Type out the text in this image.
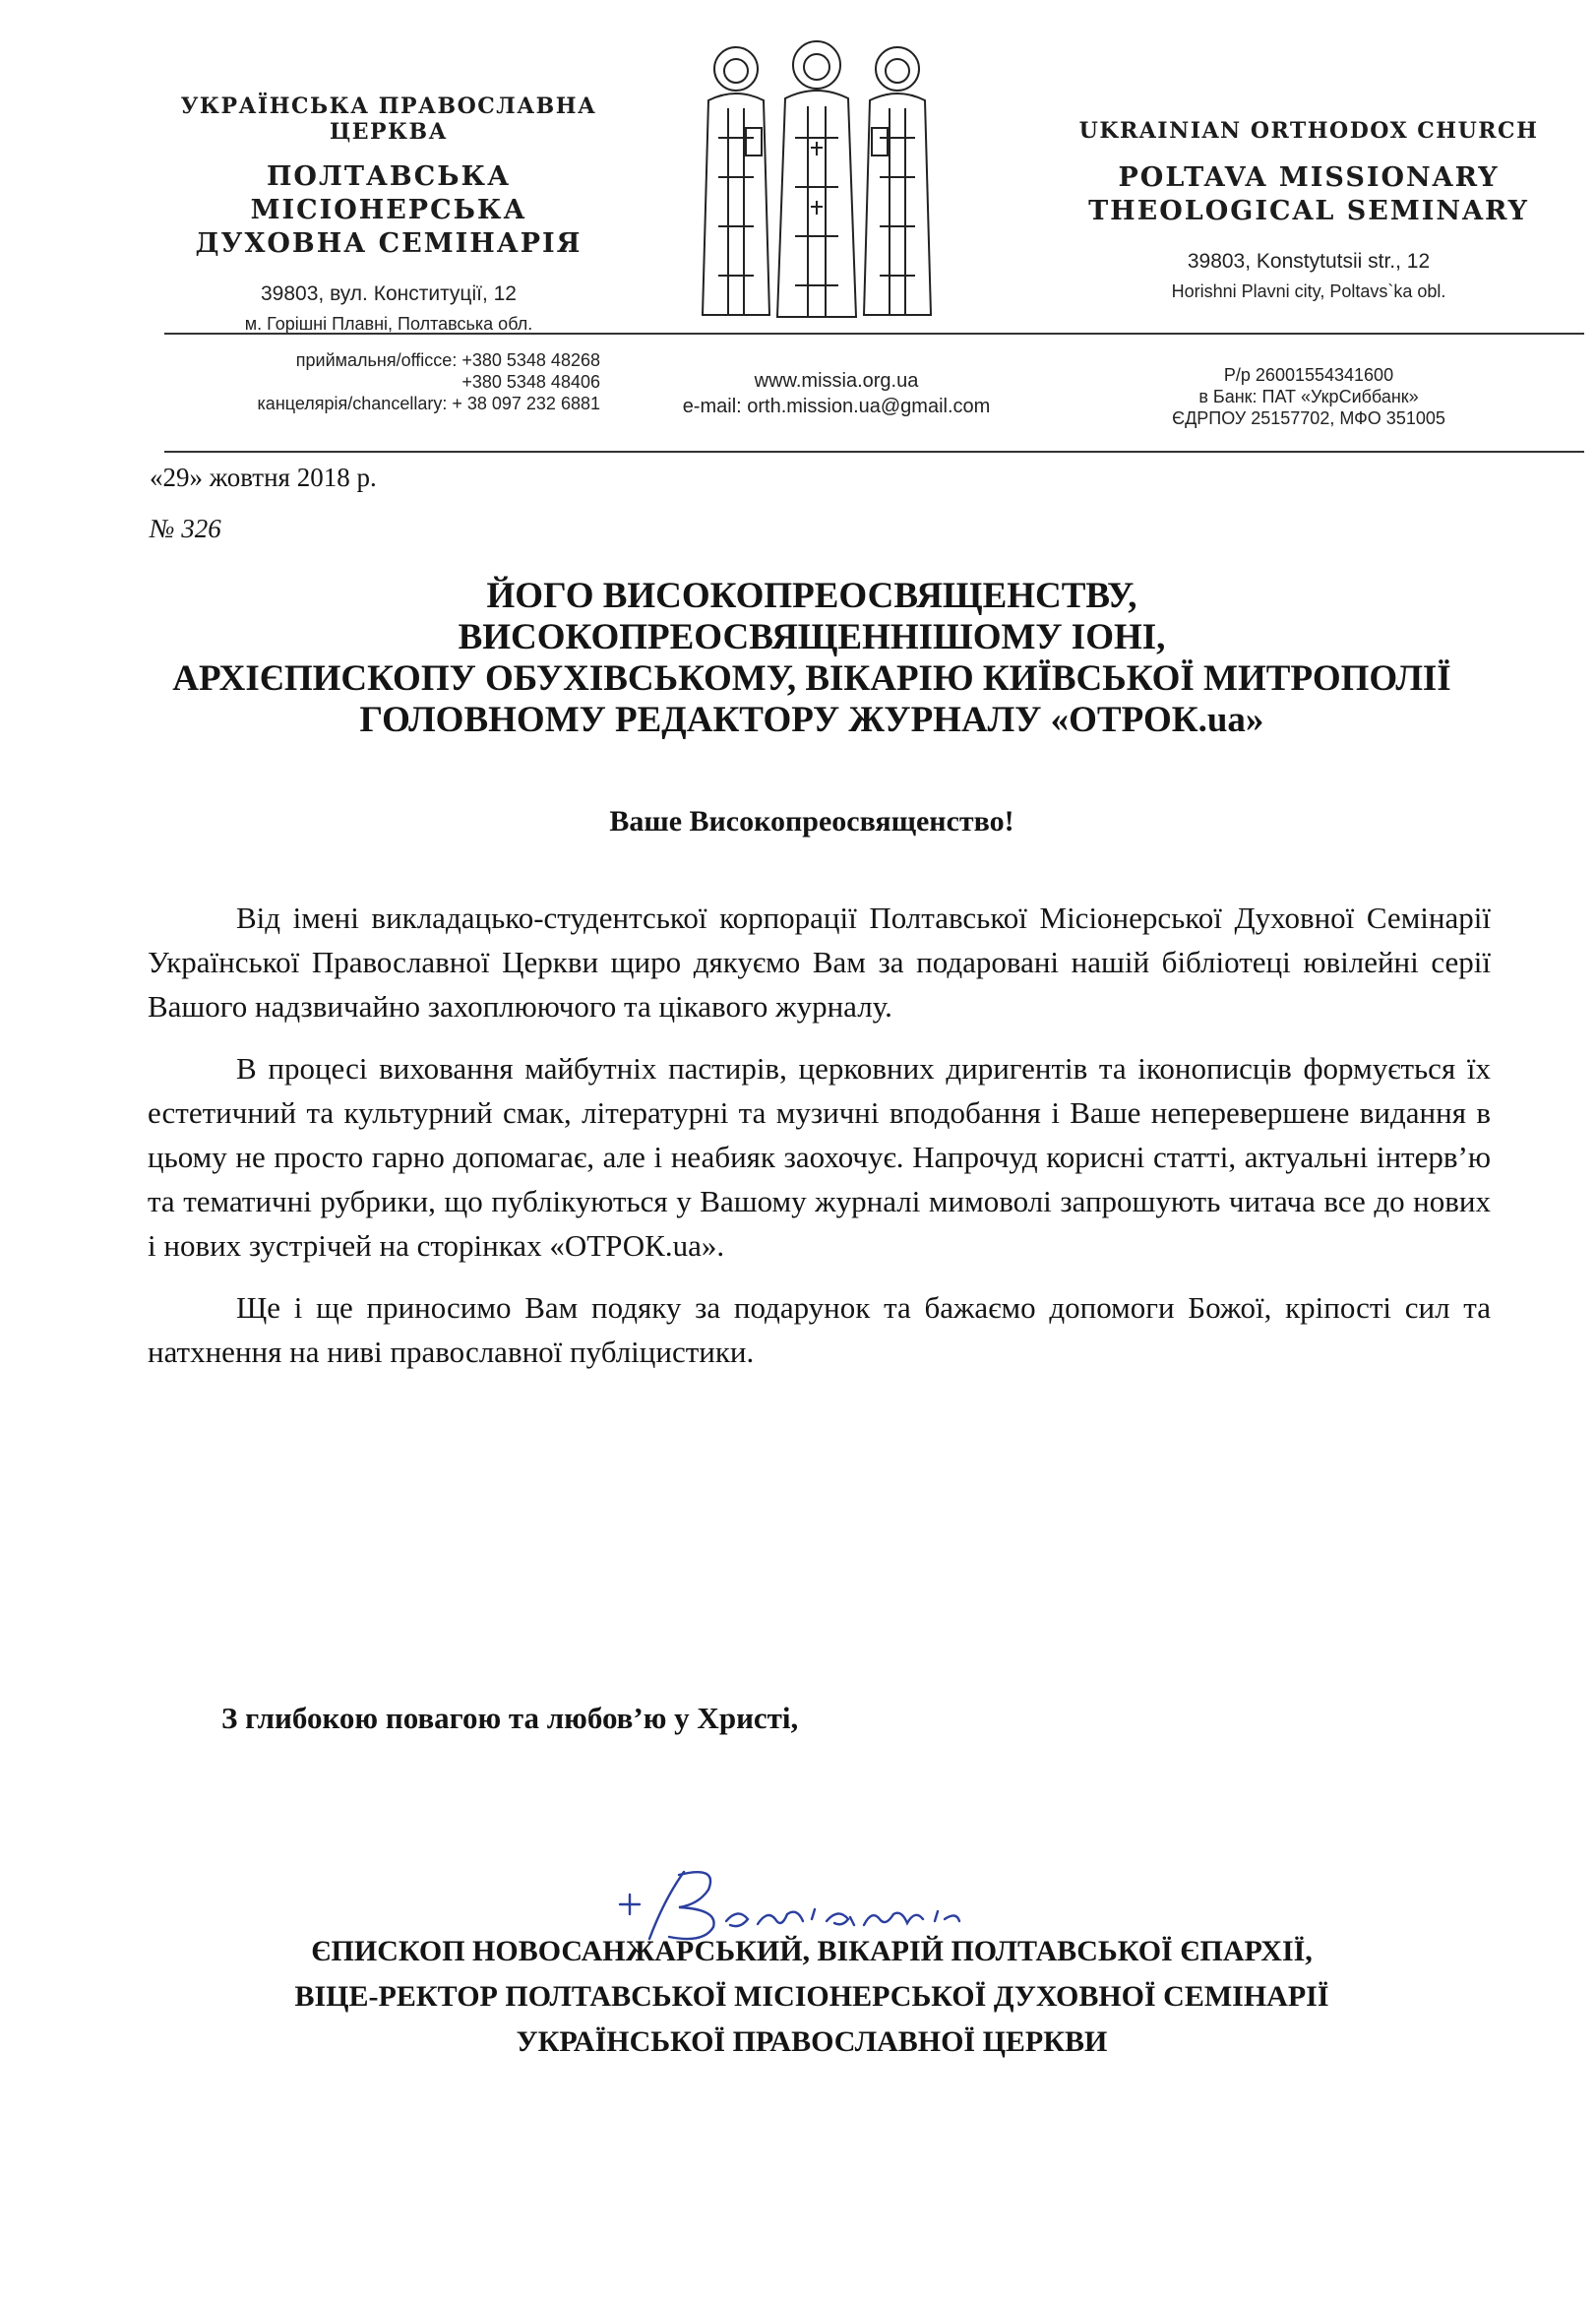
УКРАЇНСЬКА ПРАВОСЛАВНА ЦЕРКВА
ПОЛТАВСЬКА МІСІОНЕРСЬКА
ДУХОВНА СЕМІНАРІЯ
39803, вул. Конституції, 12
м. Горішні Плавні, Полтавська обл.
UKRAINIAN ORTHODOX CHURCH
POLTAVA MISSIONARY
THEOLOGICAL SEMINARY
39803, Konstytutsii str., 12
Horishni Plavni city, Poltavs`ka obl.
приймальня/officce: +380 5348 48268
+380 5348 48406
канцелярія/chancellary: + 38 097 232 6881
www.missia.org.ua
e-mail: orth.mission.ua@gmail.com
Р/р 26001554341600
в Банк: ПАТ «УкрСиббанк»
ЄДРПОУ 25157702, МФО 351005
«29» жовтня 2018 р.
№ 326
ЙОГО ВИСОКОПРЕОСВЯЩЕНСТВУ,
ВИСОКОПРЕОСВЯЩЕННІШОМУ ІОНІ,
АРХІЄПИСКОПУ ОБУХІВСЬКОМУ, ВІКАРІЮ КИЇВСЬКОЇ МИТРОПОЛІЇ
ГОЛОВНОМУ РЕДАКТОРУ ЖУРНАЛУ «ОТРОК.ua»
Ваше Високопреосвященство!

Від імені викладацько-студентської корпорації Полтавської Місіонерської Духовної Семінарії Української Православної Церкви щиро дякуємо Вам за подаровані нашій бібліотеці ювілейні серії Вашого надзвичайно захоплюючого та цікавого журналу.

В процесі виховання майбутніх пастирів, церковних диригентів та іконописців формується їх естетичний та культурний смак, літературні та музичні вподобання і Ваше неперевершене видання в цьому не просто гарно допомагає, але і неабияк заохочує. Напрочуд корисні статті, актуальні інтерв’ю та тематичні рубрики, що публікуються у Вашому журналі мимоволі запрошують читача все до нових і нових зустрічей на сторінках «ОТРОК.ua».

Ще і ще приносимо Вам подяку за подарунок та бажаємо допомоги Божої, кріпості сил та натхнення на ниві православної публіцистики.

З глибокою повагою та любов’ю у Христі,
ЄПИСКОП НОВОСАНЖАРСЬКИЙ, ВІКАРІЙ ПОЛТАВСЬКОЇ ЄПАРХІЇ,
ВІЦЕ-РЕКТОР ПОЛТАВСЬКОЇ МІСІОНЕРСЬКОЇ ДУХОВНОЇ СЕМІНАРІЇ
УКРАЇНСЬКОЇ ПРАВОСЛАВНОЇ ЦЕРКВИ
